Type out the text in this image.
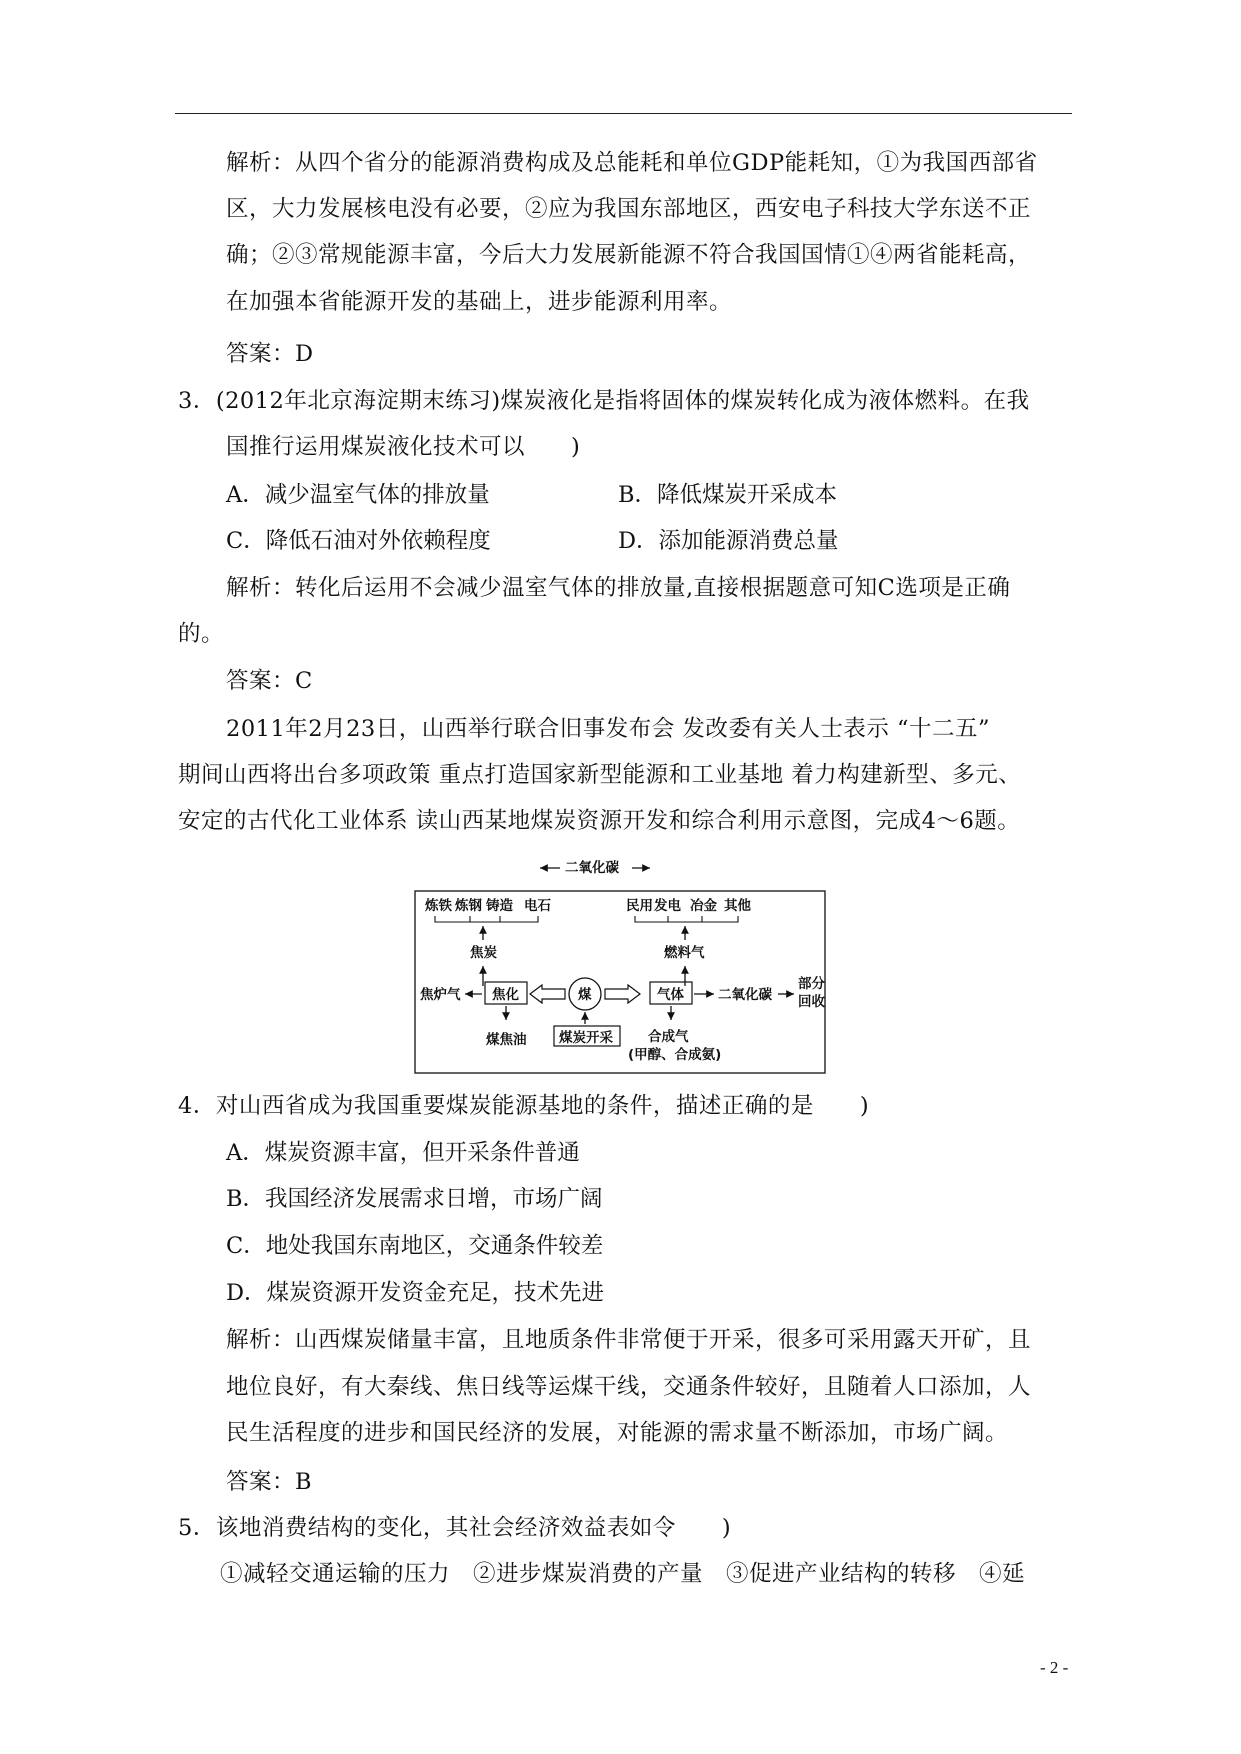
解析：从四个省分的能源消费构成及总能耗和单位GDP能耗知，①为我国西部省
区，大力发展核电没有必要，②应为我国东部地区，西安电子科技大学东送不正
确；②③常规能源丰富，今后大力发展新能源不符合我国国情①④两省能耗高，
在加强本省能源开发的基础上，进步能源利用率。
答案：D
3．(2012年北京海淀期末练习)煤炭液化是指将固体的煤炭转化成为液体燃料。在我
国推行运用煤炭液化技术可以　　)
A．减少温室气体的排放量	B．降低煤炭开采成本
C．降低石油对外依赖程度	D．添加能源消费总量
解析：转化后运用不会减少温室气体的排放量,直接根据题意可知C选项是正确
的。
答案：C
2011年2月23日，山西举行联合旧事发布会 发改委有关人士表示 “十二五”
期间山西将出台多项政策 重点打造国家新型能源和工业基地 着力构建新型、多元、
安定的古代化工业体系 读山西某地煤炭资源开发和综合利用示意图，完成4～6题。
二氧化碳
炼铁 炼钢 铸造 电石	民用 发电 冶金 其他
焦炭	燃料气
焦炉气 焦化	煤	气体	二氧化碳
部分
回收
煤焦油 煤炭开采	合成气
(甲醇、合成氨)
4．对山西省成为我国重要煤炭能源基地的条件，描述正确的是　　)
A．煤炭资源丰富，但开采条件普通
B．我国经济发展需求日增，市场广阔
C．地处我国东南地区，交通条件较差
D．煤炭资源开发资金充足，技术先进
解析：山西煤炭储量丰富，且地质条件非常便于开采，很多可采用露天开矿，且
地位良好，有大秦线、焦日线等运煤干线，交通条件较好，且随着人口添加，人
民生活程度的进步和国民经济的发展，对能源的需求量不断添加，市场广阔。
答案：B
5．该地消费结构的变化，其社会经济效益表如令　　)
①减轻交通运输的压力　②进步煤炭消费的产量　③促进产业结构的转移　④延
- 2 -
